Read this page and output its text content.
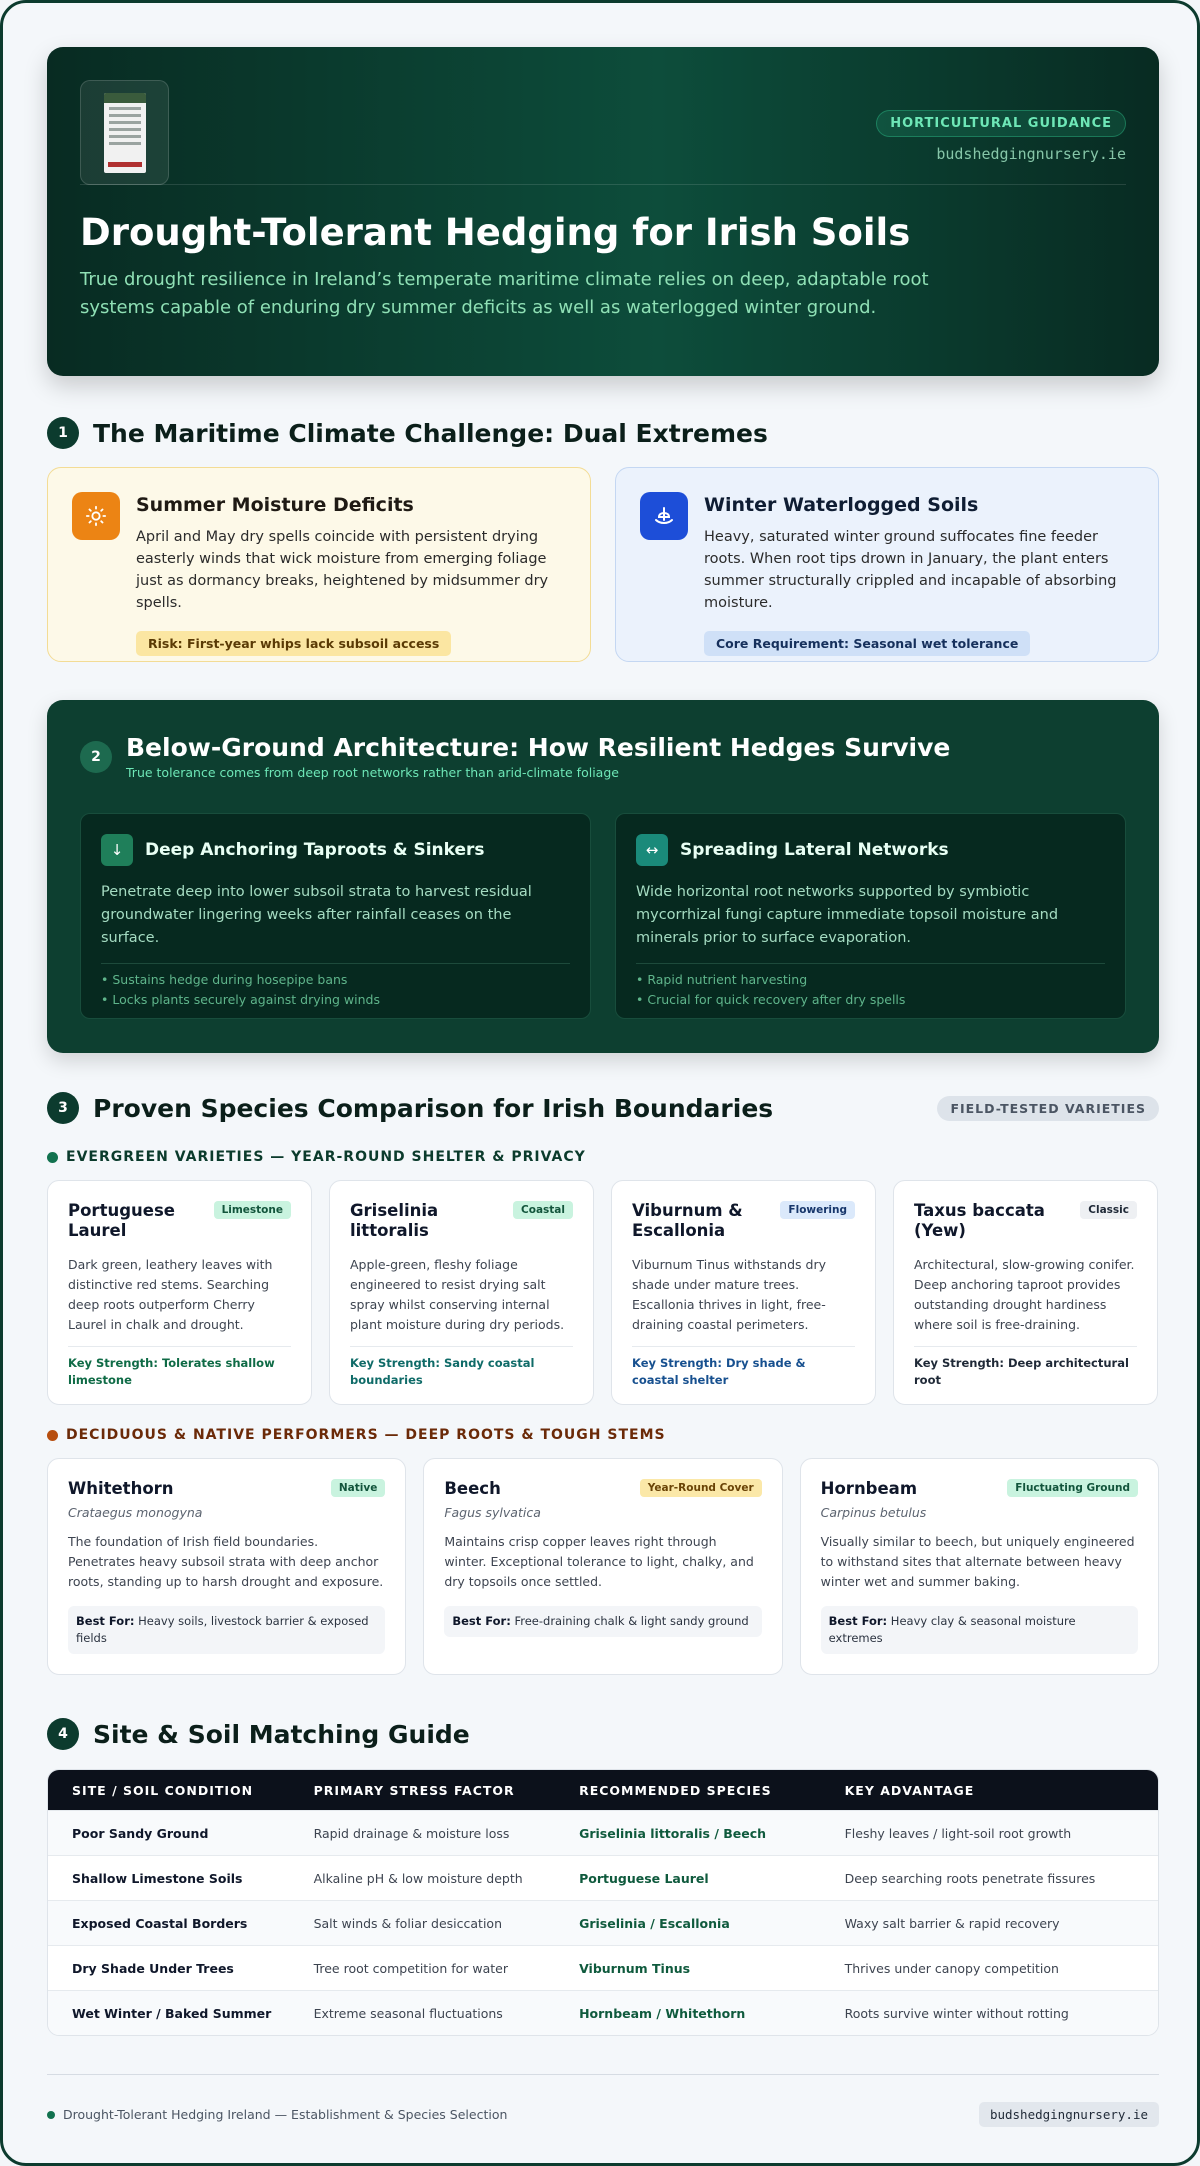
HORTICULTURAL GUIDANCE
budshedgingnursery.ie
Drought-Tolerant Hedging for Irish Soils

True drought resilience in Ireland’s temperate maritime climate relies on deep, adaptable root systems capable of enduring dry summer deficits as well as waterlogged winter ground.

1	The Maritime Climate Challenge: Dual Extremes
Summer Moisture Deficits
April and May dry spells coincide with persistent drying easterly winds that wick moisture from emerging foliage just as dormancy breaks, heightened by midsummer dry spells.
Risk: First-year whips lack subsoil access
Winter Waterlogged Soils
Heavy, saturated winter ground suffocates fine feeder roots. When root tips drown in January, the plant enters summer structurally crippled and incapable of absorbing moisture.
Core Requirement: Seasonal wet tolerance
2	Below-Ground Architecture: How Resilient Hedges Survive
True tolerance comes from deep root networks rather than arid-climate foliage
↓	Deep Anchoring Taproots & Sinkers
Penetrate deep into lower subsoil strata to harvest residual groundwater lingering weeks after rainfall ceases on the surface.
• Sustains hedge during hosepipe bans
• Locks plants securely against drying winds
↔	Spreading Lateral Networks
Wide horizontal root networks supported by symbiotic mycorrhizal fungi capture immediate topsoil moisture and minerals prior to surface evaporation.
• Rapid nutrient harvesting
• Crucial for quick recovery after dry spells
3	Proven Species Comparison for Irish Boundaries	FIELD-TESTED VARIETIES
EVERGREEN VARIETIES — YEAR-ROUND SHELTER & PRIVACY
Portuguese Laurel
Limestone
Dark green, leathery leaves with distinctive red stems. Searching deep roots outperform Cherry Laurel in chalk and drought.
Key Strength: Tolerates shallow limestone
Griselinia littoralis
Coastal
Apple-green, fleshy foliage engineered to resist drying salt spray whilst conserving internal plant moisture during dry periods.
Key Strength: Sandy coastal boundaries
Viburnum & Escallonia
Flowering
Viburnum Tinus withstands dry shade under mature trees. Escallonia thrives in light, free-draining coastal perimeters.
Key Strength: Dry shade & coastal shelter
Taxus baccata (Yew)
Classic
Architectural, slow-growing conifer. Deep anchoring taproot provides outstanding drought hardiness where soil is free-draining.
Key Strength: Deep architectural root
DECIDUOUS & NATIVE PERFORMERS — DEEP ROOTS & TOUGH STEMS
Whitethorn	Native
Crataegus monogyna
The foundation of Irish field boundaries. Penetrates heavy subsoil strata with deep anchor roots, standing up to harsh drought and exposure.
Best For: Heavy soils, livestock barrier & exposed fields
Beech	Year-Round Cover
Fagus sylvatica
Maintains crisp copper leaves right through winter. Exceptional tolerance to light, chalky, and dry topsoils once settled.
Best For: Free-draining chalk & light sandy ground
Hornbeam	Fluctuating Ground
Carpinus betulus
Visually similar to beech, but uniquely engineered to withstand sites that alternate between heavy winter wet and summer baking.
Best For: Heavy clay & seasonal moisture extremes
4	Site & Soil Matching Guide
SITE / SOIL CONDITION	PRIMARY STRESS FACTOR	RECOMMENDED SPECIES	KEY ADVANTAGE
Poor Sandy Ground	Rapid drainage & moisture loss	Griselinia littoralis / Beech	Fleshy leaves / light-soil root growth
Shallow Limestone Soils	Alkaline pH & low moisture depth	Portuguese Laurel	Deep searching roots penetrate fissures
Exposed Coastal Borders	Salt winds & foliar desiccation	Griselinia / Escallonia	Waxy salt barrier & rapid recovery
Dry Shade Under Trees	Tree root competition for water	Viburnum Tinus	Thrives under canopy competition
Wet Winter / Baked Summer	Extreme seasonal fluctuations	Hornbeam / Whitethorn	Roots survive winter without rotting
Drought-Tolerant Hedging Ireland — Establishment & Species Selection	budshedgingnursery.ie
